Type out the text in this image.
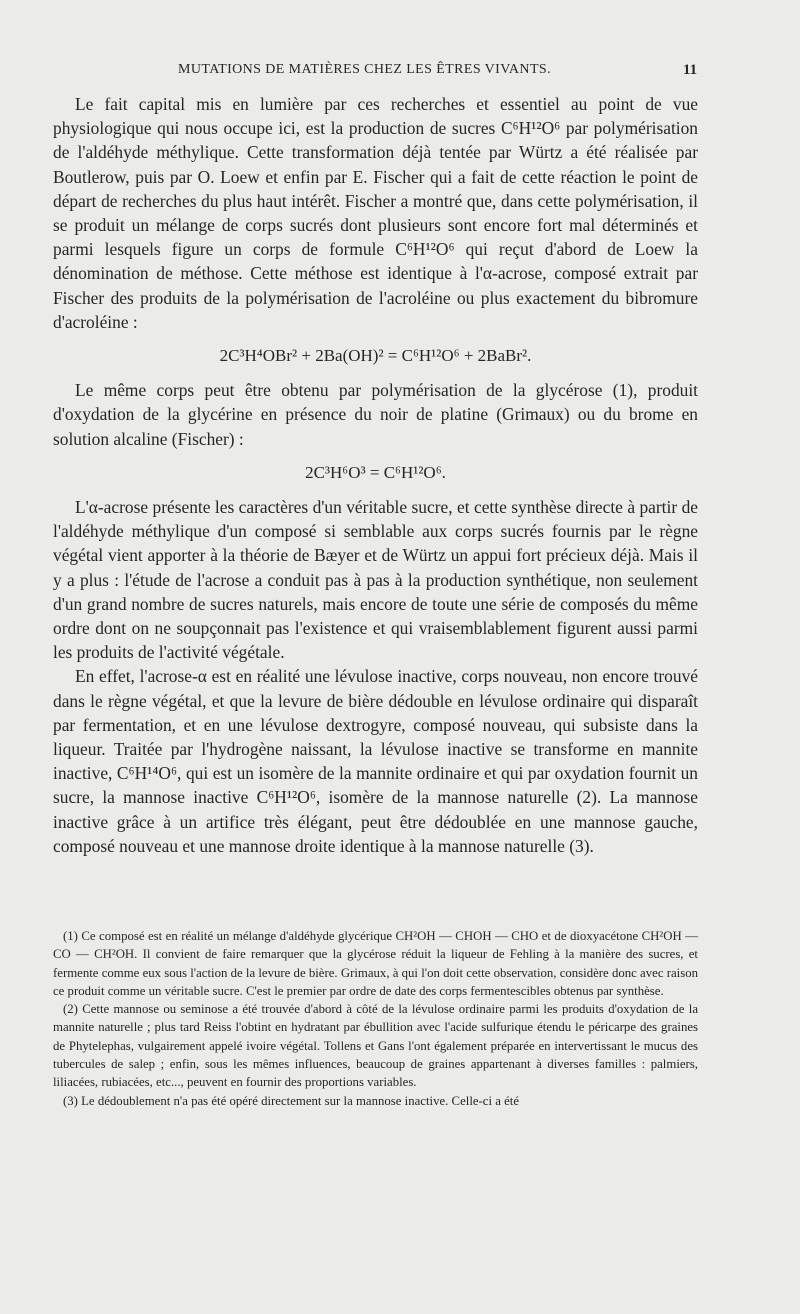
MUTATIONS DE MATIÈRES CHEZ LES ÊTRES VIVANTS.	11

Le fait capital mis en lumière par ces recherches et essentiel au point de vue physiologique qui nous occupe ici, est la production de sucres C⁶H¹²O⁶ par polymérisation de l'aldéhyde méthylique. Cette transformation déjà tentée par Würtz a été réalisée par Boutlerow, puis par O. Loew et enfin par E. Fischer qui a fait de cette réaction le point de départ de recherches du plus haut intérêt. Fischer a montré que, dans cette polymérisation, il se produit un mélange de corps sucrés dont plusieurs sont encore fort mal déterminés et parmi lesquels figure un corps de formule C⁶H¹²O⁶ qui reçut d'abord de Loew la dénomination de méthose. Cette méthose est identique à l'α-acrose, composé extrait par Fischer des produits de la polymérisation de l'acroléine ou plus exactement du bibromure d'acroléine :

2C³H⁴OBr² + 2Ba(OH)² = C⁶H¹²O⁶ + 2BaBr².

Le même corps peut être obtenu par polymérisation de la glycérose (1), produit d'oxydation de la glycérine en présence du noir de platine (Grimaux) ou du brome en solution alcaline (Fischer) :

2C³H⁶O³ = C⁶H¹²O⁶.

L'α-acrose présente les caractères d'un véritable sucre, et cette synthèse directe à partir de l'aldéhyde méthylique d'un composé si semblable aux corps sucrés fournis par le règne végétal vient apporter à la théorie de Bæyer et de Würtz un appui fort précieux déjà. Mais il y a plus : l'étude de l'acrose a conduit pas à pas à la production synthétique, non seulement d'un grand nombre de sucres naturels, mais encore de toute une série de composés du même ordre dont on ne soupçonnait pas l'existence et qui vraisemblablement figurent aussi parmi les produits de l'activité végétale.

En effet, l'acrose-α est en réalité une lévulose inactive, corps nouveau, non encore trouvé dans le règne végétal, et que la levure de bière dédouble en lévulose ordinaire qui disparaît par fermentation, et en une lévulose dextrogyre, composé nouveau, qui subsiste dans la liqueur. Traitée par l'hydrogène naissant, la lévulose inactive se transforme en mannite inactive, C⁶H¹⁴O⁶, qui est un isomère de la mannite ordinaire et qui par oxydation fournit un sucre, la mannose inactive C⁶H¹²O⁶, isomère de la mannose naturelle (2). La mannose inactive grâce à un artifice très élégant, peut être dédoublée en une mannose gauche, composé nouveau et une mannose droite identique à la mannose naturelle (3).

(1) Ce composé est en réalité un mélange d'aldéhyde glycérique CH²OH — CHOH — CHO et de dioxyacétone CH²OH — CO — CH²OH. Il convient de faire remarquer que la glycérose réduit la liqueur de Fehling à la manière des sucres, et fermente comme eux sous l'action de la levure de bière. Grimaux, à qui l'on doit cette observation, considère donc avec raison ce produit comme un véritable sucre. C'est le premier par ordre de date des corps fermentescibles obtenus par synthèse.

(2) Cette mannose ou seminose a été trouvée d'abord à côté de la lévulose ordinaire parmi les produits d'oxydation de la mannite naturelle ; plus tard Reiss l'obtint en hydratant par ébullition avec l'acide sulfurique étendu le péricarpe des graines de Phytelephas, vulgairement appelé ivoire végétal. Tollens et Gans l'ont également préparée en intervertissant le mucus des tubercules de salep ; enfin, sous les mêmes influences, beaucoup de graines appartenant à diverses familles : palmiers, liliacées, rubiacées, etc..., peuvent en fournir des proportions variables.

(3) Le dédoublement n'a pas été opéré directement sur la mannose inactive. Celle-ci a été
